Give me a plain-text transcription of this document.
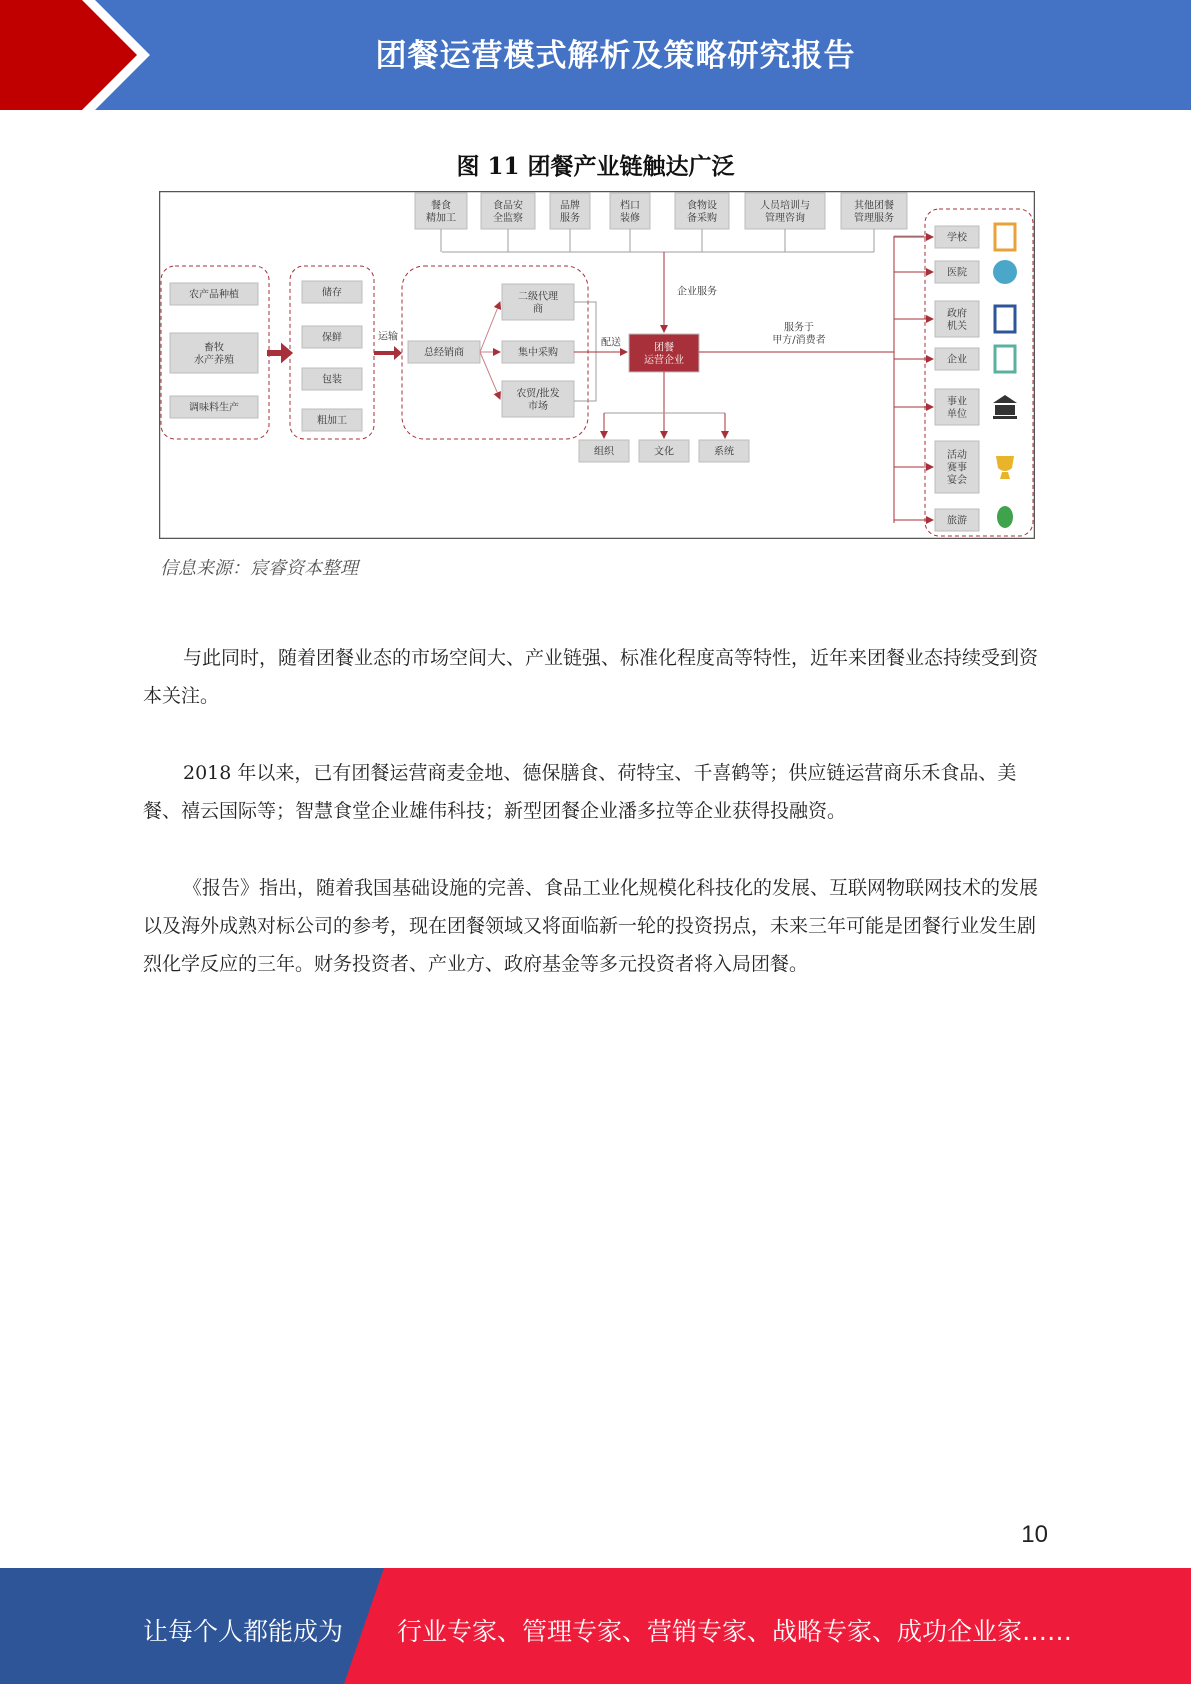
团餐运营模式解析及策略研究报告
图 11 团餐产业链触达广泛
农产品种植
畜牧水产养殖
调味料生产
储存
保鲜
包装
粗加工
运输
总经销商
二级代理商
集中采购
农贸/批发市场
配送	团餐运营企业
餐食精加工
食品安全监察
品牌服务
档口装修
食物设备采购
人员培训与管理咨询
其他团餐管理服务
企业服务
服务于甲方/消费者
学校
医院
政府机关
企业
事业单位
活动赛事宴会
旅游
组织	文化	系统
信息来源：宸睿资本整理

与此同时，随着团餐业态的市场空间大、产业链强、标准化程度高等特性，近年来团餐业态持续受到资本关注。

2018 年以来，已有团餐运营商麦金地、德保膳食、荷特宝、千喜鹤等；供应链运营商乐禾食品、美餐、禧云国际等；智慧食堂企业雄伟科技；新型团餐企业潘多拉等企业获得投融资。

《报告》指出，随着我国基础设施的完善、食品工业化规模化科技化的发展、互联网物联网技术的发展以及海外成熟对标公司的参考，现在团餐领域又将面临新一轮的投资拐点，未来三年可能是团餐行业发生剧烈化学反应的三年。财务投资者、产业方、政府基金等多元投资者将入局团餐。

10
让每个人都能成为 行业专家、管理专家、营销专家、战略专家、成功企业家……
